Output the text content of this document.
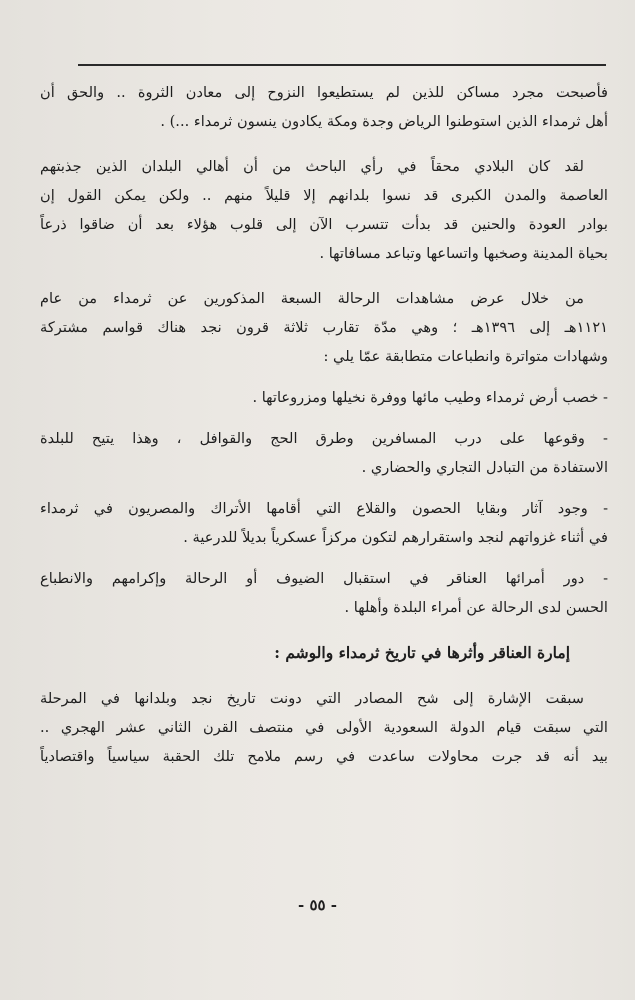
فأصبحت مجرد مساكن للذين لم يستطيعوا النزوح إلى معادن الثروة .. والحق أن
أهل ثرمداء الذين استوطنوا الرياض وجدة ومكة يكادون ينسون ثرمداء ...) .
لقد كان البلادي محقاً في رأي الباحث من أن أهالي البلدان الذين جذبتهم
العاصمة والمدن الكبرى قد نسوا بلدانهم إلا قليلاً منهم .. ولكن يمكن القول إن
بوادر العودة والحنين قد بدأت تتسرب الآن إلى قلوب هؤلاء بعد أن ضاقوا ذرعاً
بحياة المدينة وصخبها واتساعها وتباعد مسافاتها .
من خلال عرض مشاهدات الرحالة السبعة المذكورين عن ثرمداء من عام
١١٢١هـ إلى ١٣٩٦هـ ؛ وهي مدّة تقارب ثلاثة قرون نجد هناك قواسم مشتركة
وشهادات متواترة وانطباعات متطابقة عمّا يلي :
- خصب أرض ثرمداء وطيب مائها ووفرة نخيلها ومزروعاتها .
- وقوعها على درب المسافرين وطرق الحج والقوافل ، وهذا يتيح للبلدة
الاستفادة من التبادل التجاري والحضاري .
- وجود آثار وبقايا الحصون والقلاع التي أقامها الأتراك والمصريون في ثرمداء
في أثناء غزواتهم لنجد واستقرارهم لتكون مركزاً عسكرياً بديلاً للدرعية .
- دور أمرائها العناقر في استقبال الضيوف أو الرحالة وإكرامهم والانطباع
الحسن لدى الرحالة عن أمراء البلدة وأهلها .
إمارة العناقر وأثرها في تاريخ ثرمداء والوشم :
سبقت الإشارة إلى شح المصادر التي دونت تاريخ نجد وبلدانها في المرحلة
التي سبقت قيام الدولة السعودية الأولى في منتصف القرن الثاني عشر الهجري ..
بيد أنه قد جرت محاولات ساعدت في رسم ملامح تلك الحقبة سياسياً واقتصادياً
- ٥٥ -
